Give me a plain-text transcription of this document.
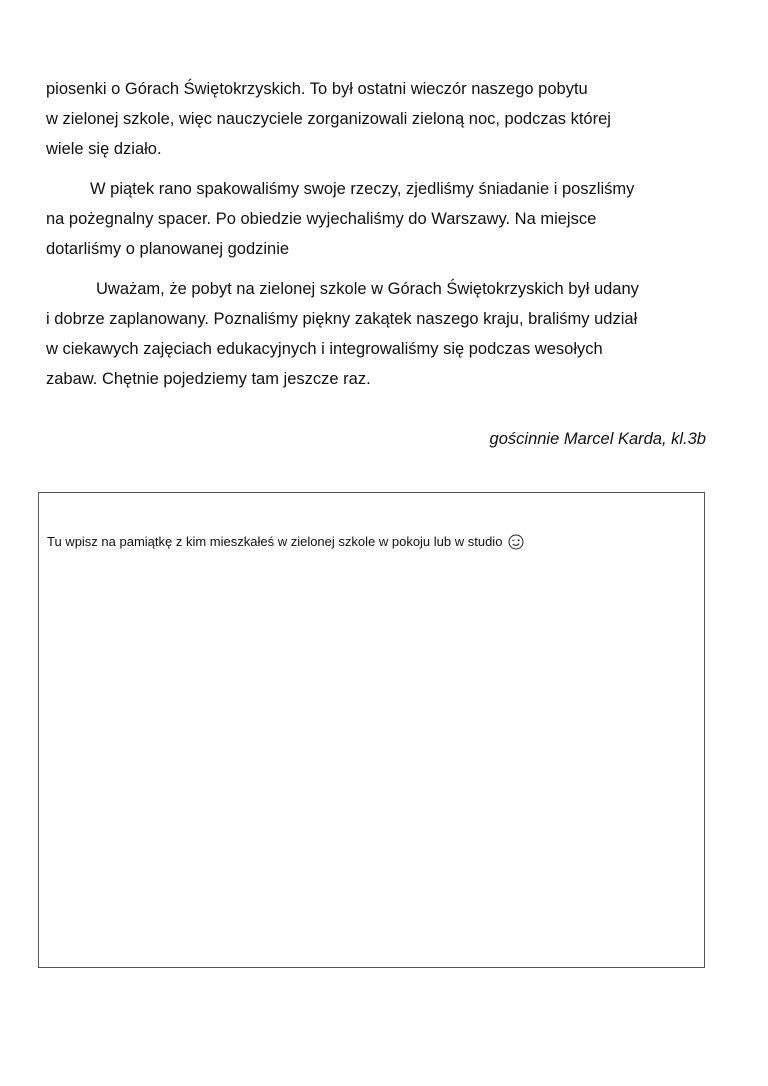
piosenki o Górach Świętokrzyskich. To był ostatni wieczór naszego pobytu
w zielonej szkole, więc nauczyciele zorganizowali zieloną noc, podczas której
wiele się działo.

W piątek rano spakowaliśmy swoje rzeczy, zjedliśmy śniadanie i poszliśmy
na pożegnalny spacer. Po obiedzie wyjechaliśmy do Warszawy. Na miejsce
dotarliśmy o planowanej godzinie

Uważam, że pobyt na zielonej szkole w Górach Świętokrzyskich był udany
i dobrze zaplanowany. Poznaliśmy piękny zakątek naszego kraju, braliśmy udział
w ciekawych zajęciach edukacyjnych i integrowaliśmy się podczas wesołych
zabaw. Chętnie pojedziemy tam jeszcze raz.

gościnnie Marcel Karda, kl.3b
Tu wpisz na pamiątkę z kim mieszkałeś w zielonej szkole w pokoju lub w studio
